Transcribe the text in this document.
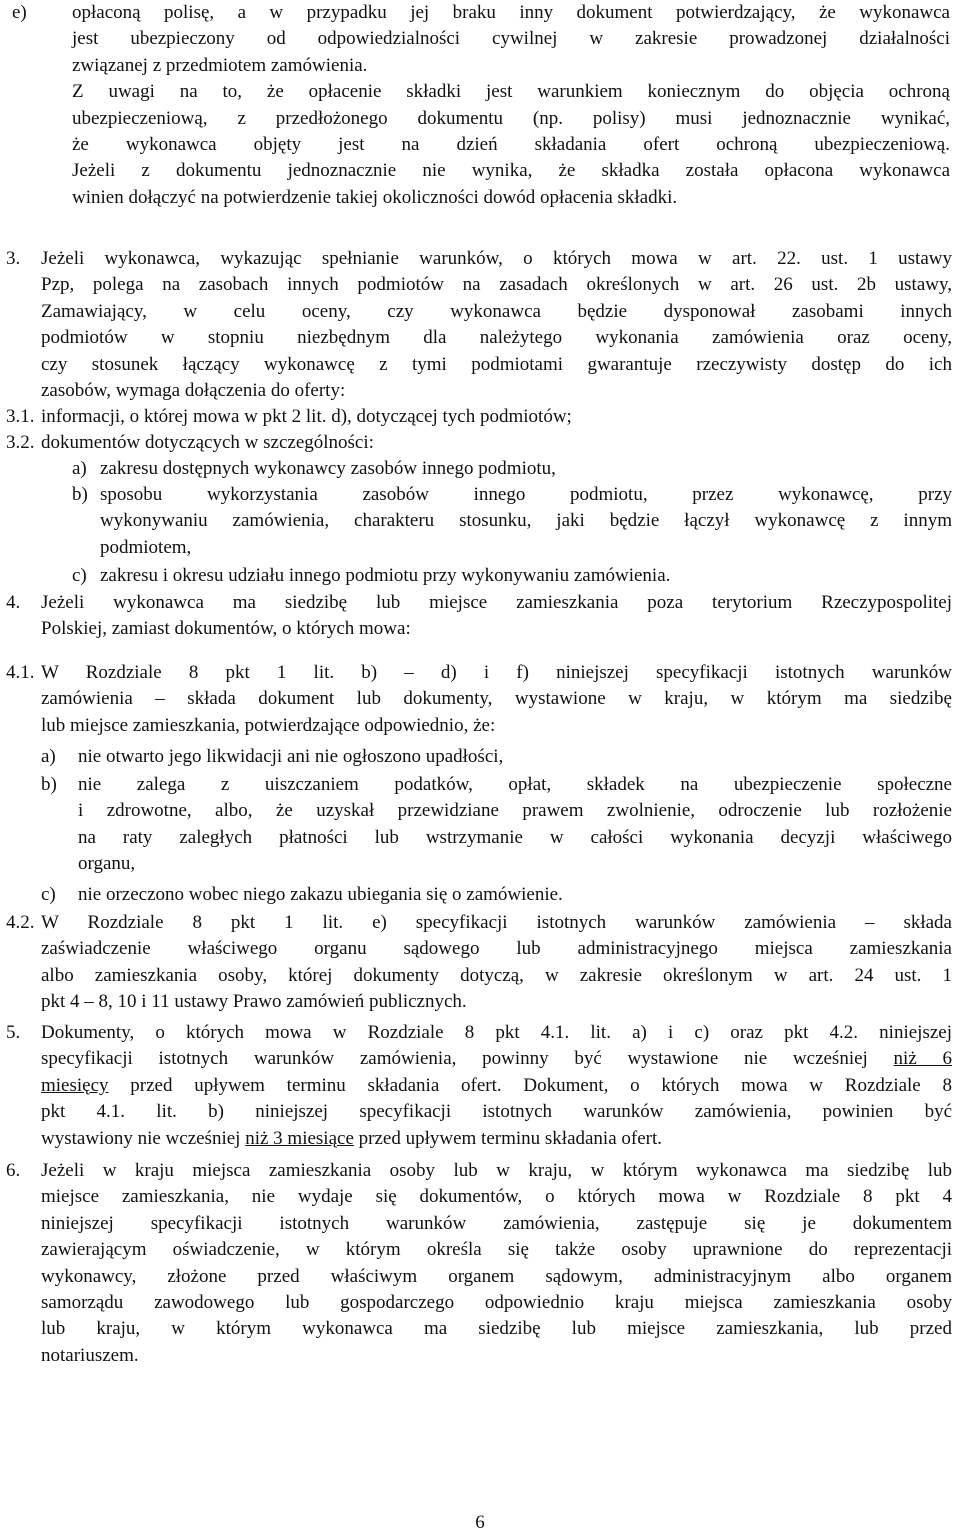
e) opłaconą polisę, a w przypadku jej braku inny dokument potwierdzający, że wykonawca

jest ubezpieczony od odpowiedzialności cywilnej w zakresie prowadzonej działalności

związanej z przedmiotem zamówienia.

Z uwagi na to, że opłacenie składki jest warunkiem koniecznym do objęcia ochroną

ubezpieczeniową, z przedłożonego dokumentu (np. polisy) musi jednoznacznie wynikać,

że wykonawca objęty jest na dzień składania ofert ochroną ubezpieczeniową.

Jeżeli z dokumentu jednoznacznie nie wynika, że składka została opłacona wykonawca

winien dołączyć na potwierdzenie takiej okoliczności dowód opłacenia składki.

3. Jeżeli wykonawca, wykazując spełnianie warunków, o których mowa w art. 22. ust. 1 ustawy

Pzp, polega na zasobach innych podmiotów na zasadach określonych w art. 26 ust. 2b ustawy,

Zamawiający, w celu oceny, czy wykonawca będzie dysponował zasobami innych

podmiotów w stopniu niezbędnym dla należytego wykonania zamówienia oraz oceny,

czy stosunek łączący wykonawcę z tymi podmiotami gwarantuje rzeczywisty dostęp do ich

zasobów, wymaga dołączenia do oferty:

3.1. informacji, o której mowa w pkt 2 lit. d), dotyczącej tych podmiotów;

3.2. dokumentów dotyczących w szczególności:

a) zakresu dostępnych wykonawcy zasobów innego podmiotu,

b) sposobu wykorzystania zasobów innego podmiotu, przez wykonawcę, przy

wykonywaniu zamówienia, charakteru stosunku, jaki będzie łączył wykonawcę z innym

podmiotem,

c) zakresu i okresu udziału innego podmiotu przy wykonywaniu zamówienia.

4. Jeżeli wykonawca ma siedzibę lub miejsce zamieszkania poza terytorium Rzeczypospolitej

Polskiej, zamiast dokumentów, o których mowa:

4.1. W Rozdziale 8 pkt 1 lit. b) – d) i f) niniejszej specyfikacji istotnych warunków

zamówienia – składa dokument lub dokumenty, wystawione w kraju, w którym ma siedzibę

lub miejsce zamieszkania, potwierdzające odpowiednio, że:

a) nie otwarto jego likwidacji ani nie ogłoszono upadłości,

b) nie zalega z uiszczaniem podatków, opłat, składek na ubezpieczenie społeczne

i zdrowotne, albo, że uzyskał przewidziane prawem zwolnienie, odroczenie lub rozłożenie

na raty zaległych płatności lub wstrzymanie w całości wykonania decyzji właściwego

organu,

c) nie orzeczono wobec niego zakazu ubiegania się o zamówienie.

4.2. W Rozdziale 8 pkt 1 lit. e) specyfikacji istotnych warunków zamówienia – składa

zaświadczenie właściwego organu sądowego lub administracyjnego miejsca zamieszkania

albo zamieszkania osoby, której dokumenty dotyczą, w zakresie określonym w art. 24 ust. 1

pkt 4 – 8, 10 i 11 ustawy Prawo zamówień publicznych.

5. Dokumenty, o których mowa w Rozdziale 8 pkt 4.1. lit. a) i c) oraz pkt 4.2. niniejszej

specyfikacji istotnych warunków zamówienia, powinny być wystawione nie wcześniej niż 6

miesięcy przed upływem terminu składania ofert. Dokument, o których mowa w Rozdziale 8

pkt 4.1. lit. b) niniejszej specyfikacji istotnych warunków zamówienia, powinien być

wystawiony nie wcześniej niż 3 miesiące przed upływem terminu składania ofert.

6. Jeżeli w kraju miejsca zamieszkania osoby lub w kraju, w którym wykonawca ma siedzibę lub

miejsce zamieszkania, nie wydaje się dokumentów, o których mowa w Rozdziale 8 pkt 4

niniejszej specyfikacji istotnych warunków zamówienia, zastępuje się je dokumentem

zawierającym oświadczenie, w którym określa się także osoby uprawnione do reprezentacji

wykonawcy, złożone przed właściwym organem sądowym, administracyjnym albo organem

samorządu zawodowego lub gospodarczego odpowiednio kraju miejsca zamieszkania osoby

lub kraju, w którym wykonawca ma siedzibę lub miejsce zamieszkania, lub przed

notariuszem.

6
